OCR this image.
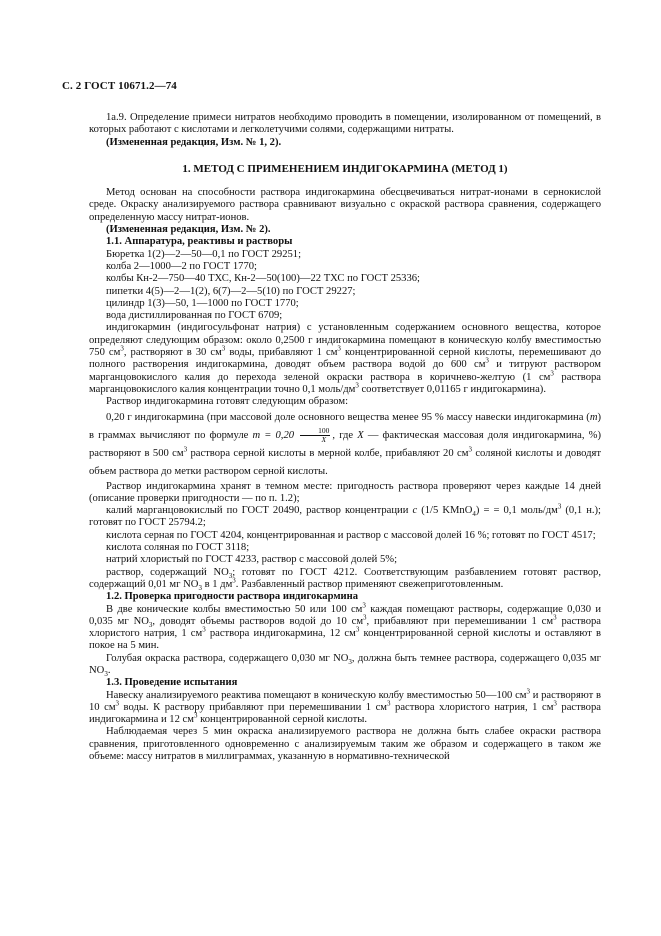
С. 2 ГОСТ 10671.2—74

1а.9. Определение примеси нитратов необходимо проводить в помещении, изолированном от помещений, в которых работают с кислотами и легколетучими солями, содержащими нитраты.

(Измененная редакция, Изм. № 1, 2).

1. МЕТОД С ПРИМЕНЕНИЕМ ИНДИГОКАРМИНА (МЕТОД 1)

Метод основан на способности раствора индигокармина обесцвечиваться нитрат-ионами в сернокислой среде. Окраску анализируемого раствора сравнивают визуально с окраской раствора сравнения, содержащего определенную массу нитрат-ионов.

(Измененная редакция, Изм. № 2).

1.1. Аппаратура, реактивы и растворы

Бюретка 1(2)—2—50—0,1 по ГОСТ 29251;

колба 2—1000—2 по ГОСТ 1770;

колбы Кн-2—750—40 ТХС, Кн-2—50(100)—22 ТХС по ГОСТ 25336;

пипетки 4(5)—2—1(2), 6(7)—2—5(10) по ГОСТ 29227;

цилиндр 1(3)—50, 1—1000 по ГОСТ 1770;

вода дистиллированная по ГОСТ 6709;

индигокармин (индигосульфонат натрия) с установленным содержанием основного вещества, которое определяют следующим образом: около 0,2500 г индигокармина помещают в коническую колбу вместимостью 750 $см^3$, растворяют в 30 $см^3$ воды, прибавляют 1 $см^3$ концентрированной серной кислоты, перемешивают до полного растворения индигокармина, доводят объем раствора водой до 600 $см^3$ и титруют раствором марганцовокислого калия до перехода зеленой окраски раствора в коричнево-желтую (1 $см^3$ раствора марганцовокислого калия концентрации точно 0,1 моль/$дм^3$ соответствует 0,01165 г индигокармина).

Раствор индигокармина готовят следующим образом:

0,20 г индигокармина (при массовой доле основного вещества менее 95 % массу навески индигокармина (m) в граммах вычисляют по формуле $m = 0,20 \frac{100}{X}$ , где X — фактическая массовая доля индигокармина, %) растворяют в 500 $см^3$ раствора серной кислоты в мерной колбе, прибавляют 20 $см^3$ соляной кислоты и доводят объем раствора до метки раствором серной кислоты.

Раствор индигокармина хранят в темном месте: пригодность раствора проверяют через каждые 14 дней (описание проверки пригодности — по п. 1.2);

калий марганцовокислый по ГОСТ 20490, раствор концентрации c (1/5 KMnO$_4$) = = 0,1 моль/$дм^3$ (0,1 н.); готовят по ГОСТ 25794.2;

кислота серная по ГОСТ 4204, концентрированная и раствор с массовой долей 16 %; готовят по ГОСТ 4517;

кислота соляная по ГОСТ 3118;

натрий хлористый по ГОСТ 4233, раствор с массовой долей 5%;

раствор, содержащий $NO_3$; готовят по ГОСТ 4212. Соответствующим разбавлением готовят раствор, содержащий 0,01 мг $NO_3$ в 1 $дм^3$. Разбавленный раствор применяют свежеприготовленным.

1.2. Проверка пригодности раствора индигокармина

В две конические колбы вместимостью 50 или 100 $см^3$ каждая помещают растворы, содержащие 0,030 и 0,035 мг $NO_3$, доводят объемы растворов водой до 10 $см^3$, прибавляют при перемешивании 1 $см^3$ раствора хлористого натрия, 1 $см^3$ раствора индигокармина, 12 $см^3$ концентрированной серной кислоты и оставляют в покое на 5 мин.

Голубая окраска раствора, содержащего 0,030 мг $NO_3$, должна быть темнее раствора, содержащего 0,035 мг $NO_3$.

1.3. Проведение испытания

Навеску анализируемого реактива помещают в коническую колбу вместимостью 50—100 $см^3$ и растворяют в 10 $см^3$ воды. К раствору прибавляют при перемешивании 1 $см^3$ раствора хлористого натрия, 1 $см^3$ раствора индигокармина и 12 $см^3$ концентрированной серной кислоты.

Наблюдаемая через 5 мин окраска анализируемого раствора не должна быть слабее окраски раствора сравнения, приготовленного одновременно с анализируемым таким же образом и содержащего в таком же объеме: массу нитратов в миллиграммах, указанную в нормативно-технической
